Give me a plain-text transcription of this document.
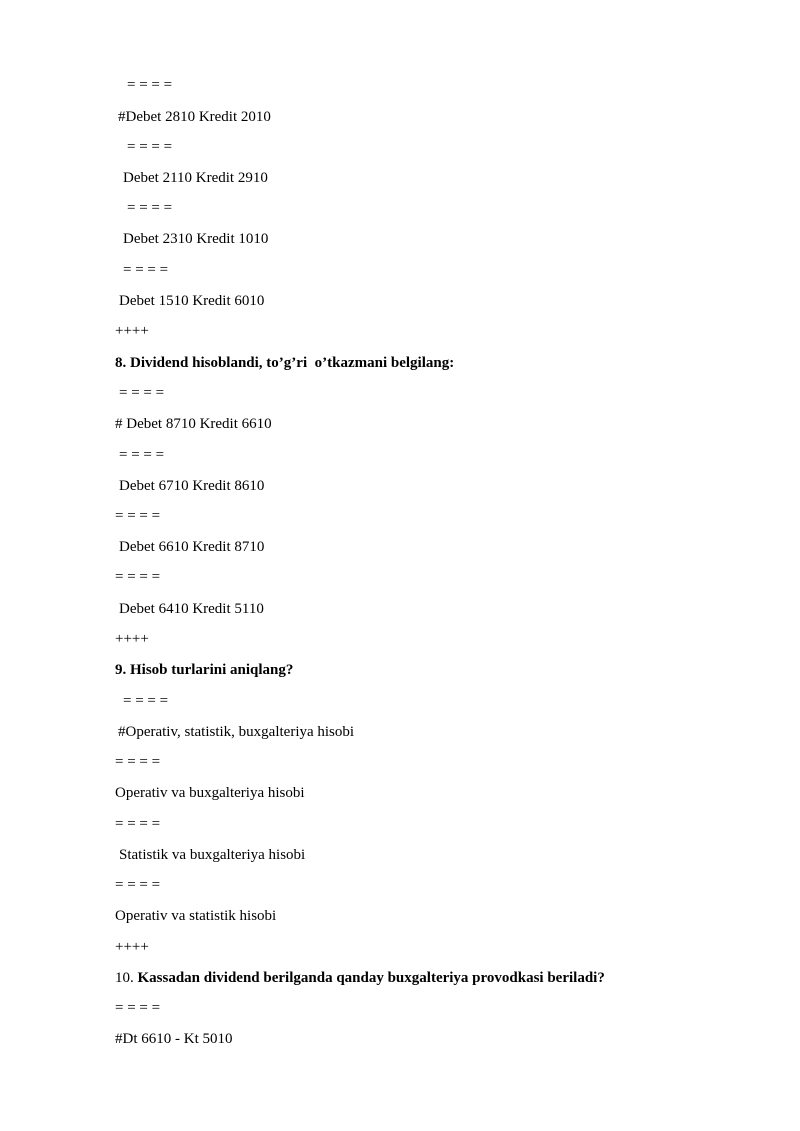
= = = =
#Debet 2810 Kredit 2010
= = = =
Debet 2110 Kredit 2910
= = = =
Debet 2310 Kredit 1010
= = = =
Debet 1510 Kredit 6010
++++
8. Dividend hisoblandi, to’g’ri  o’tkazmani belgilang:
= = = =
# Debet 8710 Kredit 6610
= = = =
Debet 6710 Kredit 8610
= = = =
Debet 6610 Kredit 8710
= = = =
Debet 6410 Kredit 5110
++++
9. Hisob turlarini aniqlang?
= = = =
#Operativ, statistik, buxgalteriya hisobi
= = = =
Operativ va buxgalteriya hisobi
= = = =
Statistik va buxgalteriya hisobi
= = = =
Operativ va statistik hisobi
++++
10. Kassadan dividend berilganda qanday buxgalteriya provodkasi beriladi?
= = = =
#Dt 6610 - Kt 5010
